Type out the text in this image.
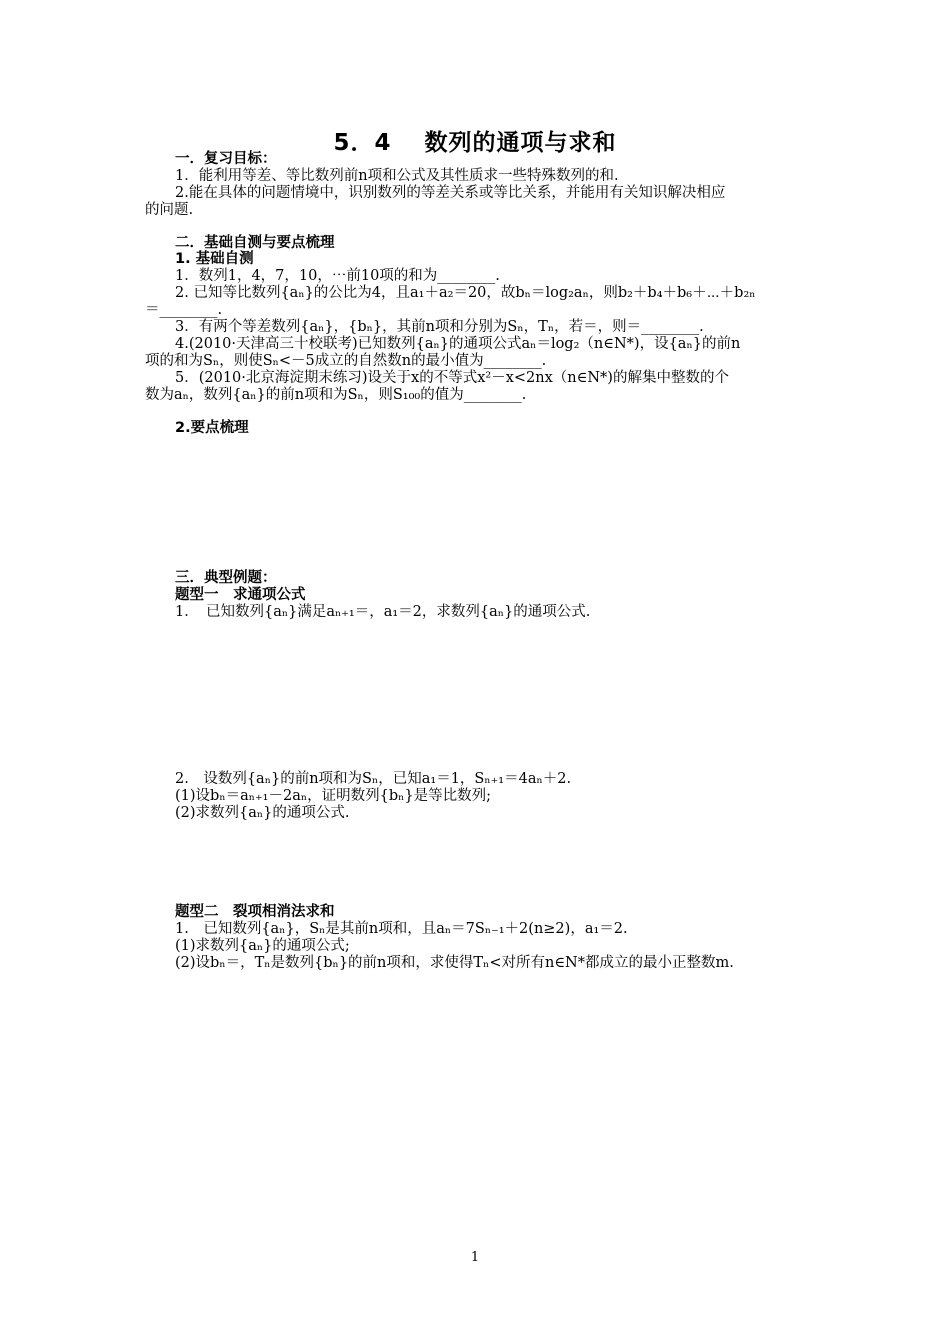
5．4　 数列的通项与求和
一．复习目标：
1．能利用等差、等比数列前n项和公式及其性质求一些特殊数列的和.
2.能在具体的问题情境中，识别数列的等差关系或等比关系，并能用有关知识解决相应
的问题.
二．基础自测与要点梳理
1. 基础自测
1．数列1，4，7，10，⋯前10项的和为________.
2. 已知等比数列{aₙ}的公比为4，且a₁＋a₂＝20，故bₙ＝log₂aₙ，则b₂＋b₄＋b₆＋⋯＋b₂ₙ
＝________.
3．有两个等差数列{aₙ}，{bₙ}，其前n项和分别为Sₙ，Tₙ，若＝，则＝________.
4.(2010·天津高三十校联考)已知数列{aₙ}的通项公式aₙ＝log₂（n∈N*)，设{aₙ}的前n
项的和为Sₙ，则使Sₙ<－5成立的自然数n的最小值为________.
5．(2010·北京海淀期末练习)设关于x的不等式x²－x<2nx（n∈N*)的解集中整数的个
数为aₙ，数列{aₙ}的前n项和为Sₙ，则S₁₀₀的值为________.
2.要点梳理
三．典型例题：
题型一　求通项公式
1．　已知数列{aₙ}满足aₙ₊₁＝，a₁＝2，求数列{aₙ}的通项公式.
2.　设数列{aₙ}的前n项和为Sₙ，已知a₁＝1，Sₙ₊₁＝4aₙ＋2.
(1)设bₙ＝aₙ₊₁－2aₙ，证明数列{bₙ}是等比数列;
(2)求数列{aₙ}的通项公式.
题型二　裂项相消法求和
1.　已知数列{aₙ}，Sₙ是其前n项和，且aₙ＝7Sₙ₋₁＋2(n≥2)，a₁＝2.
(1)求数列{aₙ}的通项公式;
(2)设bₙ＝，Tₙ是数列{bₙ}的前n项和，求使得Tₙ<对所有n∈N*都成立的最小正整数m.
1
